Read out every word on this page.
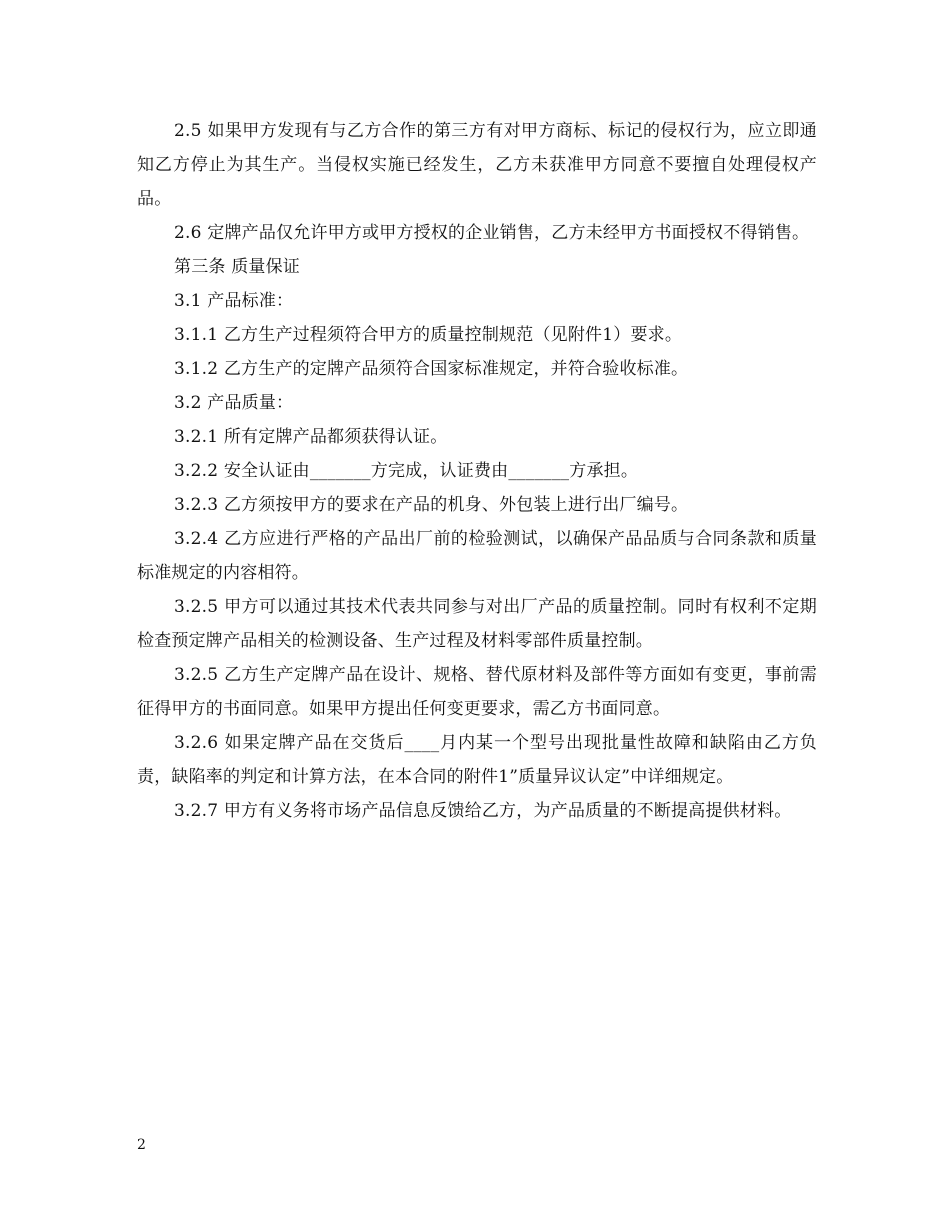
2.5 如果甲方发现有与乙方合作的第三方有对甲方商标、标记的侵权行为，应立即通知乙方停止为其生产。当侵权实施已经发生，乙方未获准甲方同意不要擅自处理侵权产品。

2.6 定牌产品仅允许甲方或甲方授权的企业销售，乙方未经甲方书面授权不得销售。

第三条 质量保证

3.1 产品标准：

3.1.1 乙方生产过程须符合甲方的质量控制规范（见附件1）要求。

3.1.2 乙方生产的定牌产品须符合国家标准规定，并符合验收标准。

3.2 产品质量：

3.2.1 所有定牌产品都须获得认证。

3.2.2 安全认证由_______方完成，认证费由_______方承担。

3.2.3 乙方须按甲方的要求在产品的机身、外包装上进行出厂编号。

3.2.4 乙方应进行严格的产品出厂前的检验测试，以确保产品品质与合同条款和质量标准规定的内容相符。

3.2.5 甲方可以通过其技术代表共同参与对出厂产品的质量控制。同时有权利不定期检查预定牌产品相关的检测设备、生产过程及材料零部件质量控制。

3.2.5 乙方生产定牌产品在设计、规格、替代原材料及部件等方面如有变更，事前需征得甲方的书面同意。如果甲方提出任何变更要求，需乙方书面同意。

3.2.6 如果定牌产品在交货后____月内某一个型号出现批量性故障和缺陷由乙方负责，缺陷率的判定和计算方法，在本合同的附件1”质量异议认定”中详细规定。

3.2.7 甲方有义务将市场产品信息反馈给乙方，为产品质量的不断提高提供材料。

2
